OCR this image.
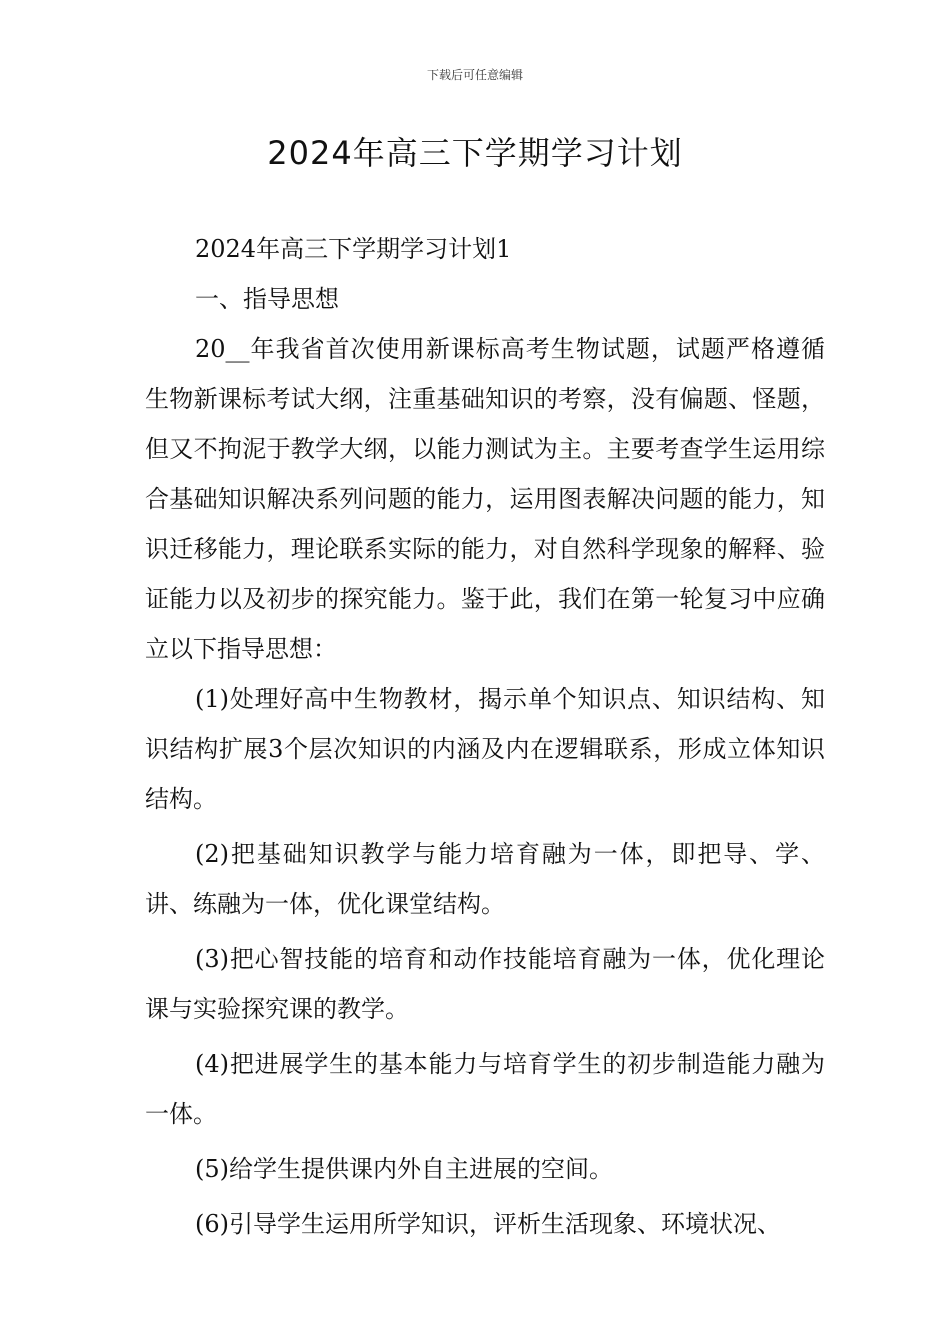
下载后可任意编辑
2024年高三下学期学习计划

2024年高三下学期学习计划1

一、指导思想

20__年我省首次使用新课标高考生物试题，试题严格遵循生物新课标考试大纲，注重基础知识的考察，没有偏题、怪题，但又不拘泥于教学大纲，以能力测试为主。主要考查学生运用综合基础知识解决系列问题的能力，运用图表解决问题的能力，知识迁移能力，理论联系实际的能力，对自然科学现象的解释、验证能力以及初步的探究能力。鉴于此，我们在第一轮复习中应确立以下指导思想：

(1)处理好高中生物教材，揭示单个知识点、知识结构、知识结构扩展3个层次知识的内涵及内在逻辑联系，形成立体知识结构。

(2)把基础知识教学与能力培育融为一体，即把导、学、讲、练融为一体，优化课堂结构。

(3)把心智技能的培育和动作技能培育融为一体，优化理论课与实验探究课的教学。

(4)把进展学生的基本能力与培育学生的初步制造能力融为一体。

(5)给学生提供课内外自主进展的空间。

(6)引导学生运用所学知识，评析生活现象、环境状况、
